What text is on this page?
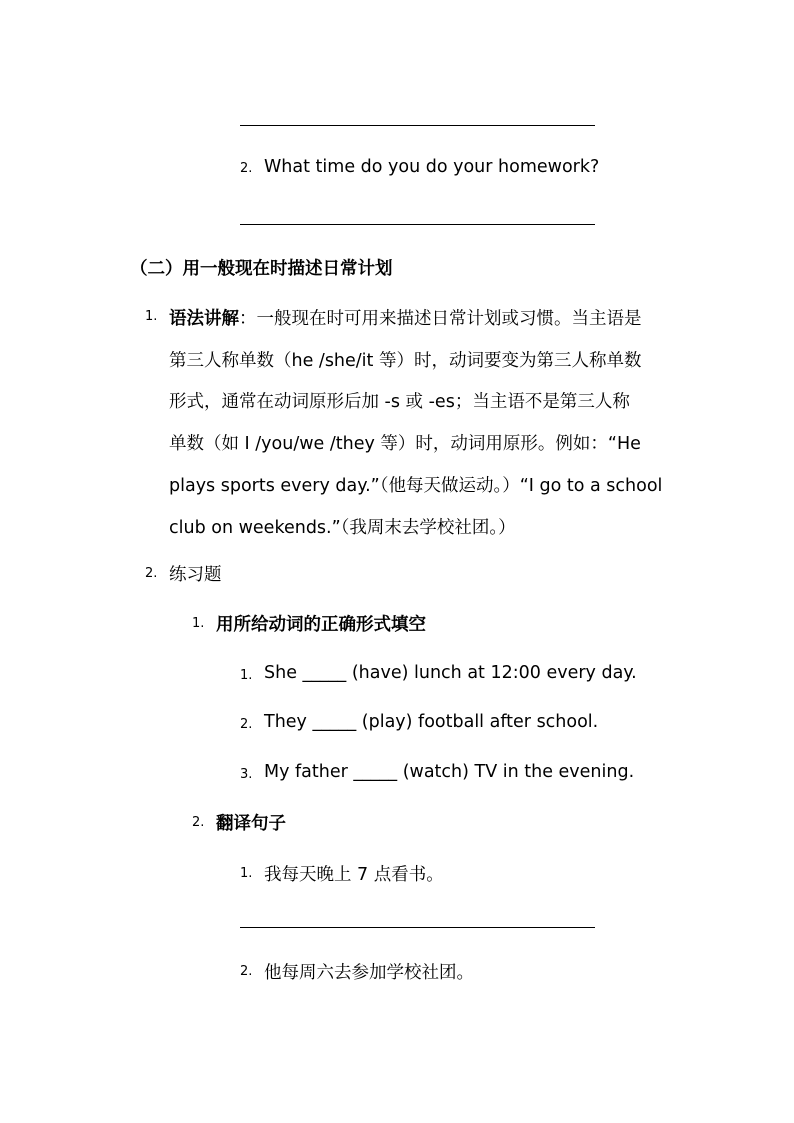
2. What time do you do your homework?
（二）用一般现在时描述日常计划
1. 语法讲解：一般现在时可用来描述日常计划或习惯。当主语是
第三人称单数（he /she/it 等）时，动词要变为第三人称单数
形式，通常在动词原形后加 -s 或 -es；当主语不是第三人称
单数（如 I /you/we /they 等）时，动词用原形。例如：“He
plays sports every day.”（他每天做运动。）“I go to a school
club on weekends.”（我周末去学校社团。）
2. 练习题
1. 用所给动词的正确形式填空
1. She _____ (have) lunch at 12:00 every day.
2. They _____ (play) football after school.
3. My father _____ (watch) TV in the evening.
2. 翻译句子
1. 我每天晚上 7 点看书。
2. 他每周六去参加学校社团。
